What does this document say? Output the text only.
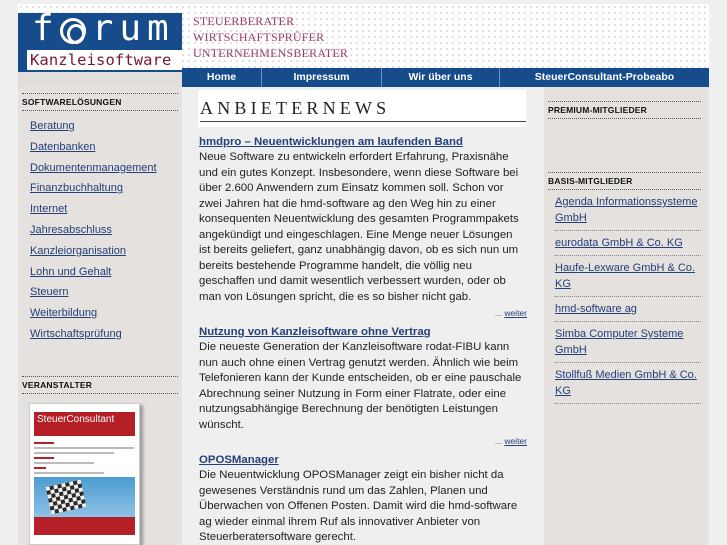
f rum
Kanzleisoftware
STEUERBERATER
WIRTSCHAFTSPRÜFER
UNTERNEHMENSBERATER
Home	Impressum	Wir über uns	SteuerConsultant-Probeabo
SOFTWARELÖSUNGEN
Beratung
Datenbanken
Dokumentenmanagement
Finanzbuchhaltung
Internet
Jahresabschluss
Kanzleiorganisation
Lohn und Gehalt
Steuern
Weiterbildung
Wirtschaftsprüfung
VERANSTALTER
SteuerConsultant
ANBIETERNEWS
hmdpro – Neuentwicklungen am laufenden Band
Neue Software zu entwickeln erfordert Erfahrung, Praxisnähe und ein gutes Konzept. Insbesondere, wenn diese Software bei über 2.600 Anwendern zum Einsatz kommen soll. Schon vor zwei Jahren hat die hmd-software ag den Weg hin zu einer konsequenten Neuentwicklung des gesamten Programmpakets angekündigt und eingeschlagen. Eine Menge neuer Lösungen ist bereits geliefert, ganz unabhängig davon, ob es sich nun um bereits bestehende Programme handelt, die völlig neu geschaffen und damit wesentlich verbessert wurden, oder ob man von Lösungen spricht, die es so bisher nicht gab.
... weiter
Nutzung von Kanzleisoftware ohne Vertrag
Die neueste Generation der Kanzleisoftware rodat-FIBU kann nun auch ohne einen Vertrag genutzt werden. Ähnlich wie beim Telefonieren kann der Kunde entscheiden, ob er eine pauschale Abrechnung seiner Nutzung in Form einer Flatrate, oder eine nutzungsabhängige Berechnung der benötigten Leistungen wünscht.
... weiter
OPOSManager
Die Neuentwicklung OPOSManager zeigt ein bisher nicht da gewesenes Verständnis rund um das Zahlen, Planen und Überwachen von Offenen Posten. Damit wird die hmd-software ag wieder einmal ihrem Ruf als innovativer Anbieter von Steuerberatersoftware gerecht.
PREMIUM-MITGLIEDER
BASIS-MITGLIEDER
Agenda Informationssysteme GmbH
eurodata GmbH & Co. KG
Haufe-Lexware GmbH & Co. KG
hmd-software ag
Simba Computer Systeme GmbH
Stollfuß Medien GmbH & Co. KG
